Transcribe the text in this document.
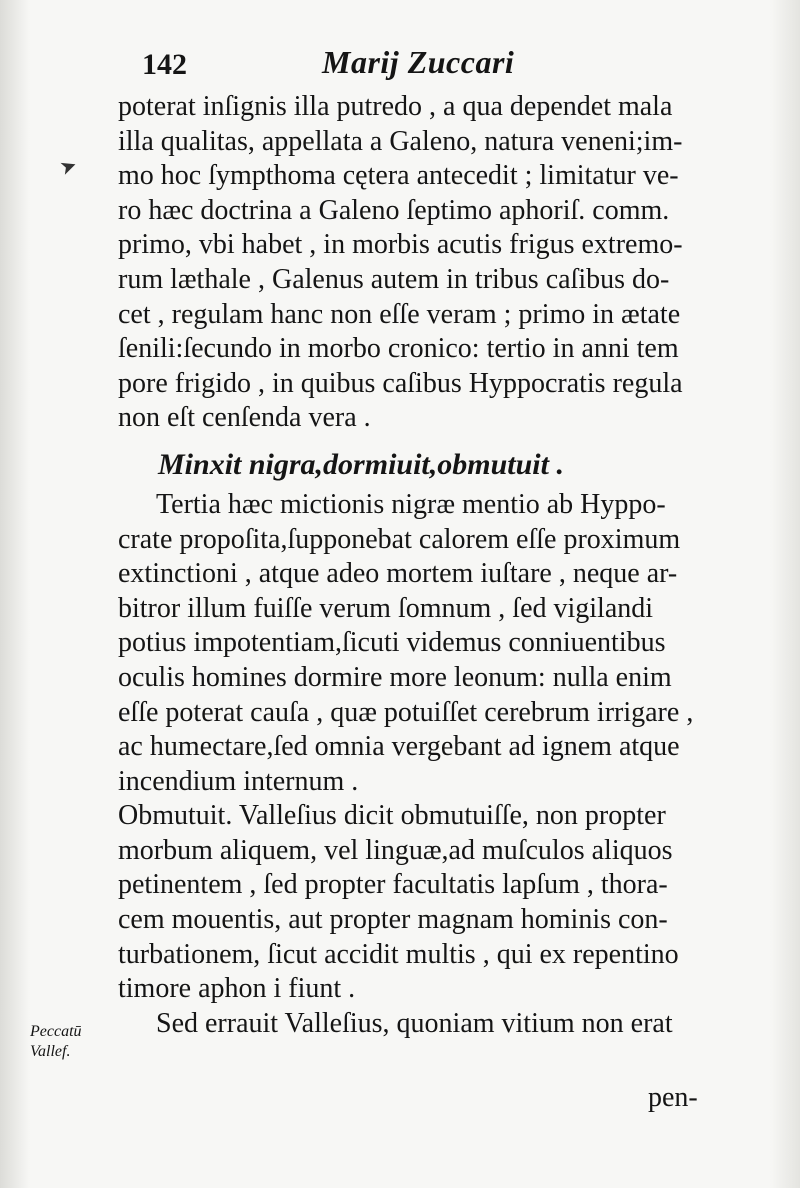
142	Marij Zuccari
➤
poterat inſignis illa putredo , a qua dependet mala
illa qualitas, appellata a Galeno, natura veneni;im-
mo hoc ſympthoma cętera antecedit ; limitatur ve-
ro hæc doctrina a Galeno ſeptimo aphoriſ. comm.
primo, vbi habet , in morbis acutis frigus extremo-
rum læthale , Galenus autem in tribus caſibus do-
cet , regulam hanc non eſſe veram ; primo in ætate
ſenili:ſecundo in morbo cronico: tertio in anni tem
pore frigido , in quibus caſibus Hyppocratis regula
non eſt cenſenda vera .
Minxit nigra,dormiuit,obmutuit .
Tertia hæc mictionis nigræ mentio ab Hyppo-
crate propoſita,ſupponebat calorem eſſe proximum
extinctioni , atque adeo mortem iuſtare , neque ar-
bitror illum fuiſſe verum ſomnum , ſed vigilandi
potius impotentiam,ſicuti videmus conniuentibus
oculis homines dormire more leonum: nulla enim
eſſe poterat cauſa , quæ potuiſſet cerebrum irrigare ,
ac humectare,ſed omnia vergebant ad ignem atque
incendium internum .
Obmutuit. Valleſius dicit obmutuiſſe, non propter
morbum aliquem, vel linguæ,ad muſculos aliquos
petinentem , ſed propter facultatis lapſum , thora-
cem mouentis, aut propter magnam hominis con-
turbationem, ſicut accidit multis , qui ex repentino
timore aphon i fiunt .
Sed errauit Valleſius, quoniam vitium non erat
Peccatū
Vallef.
pen-
